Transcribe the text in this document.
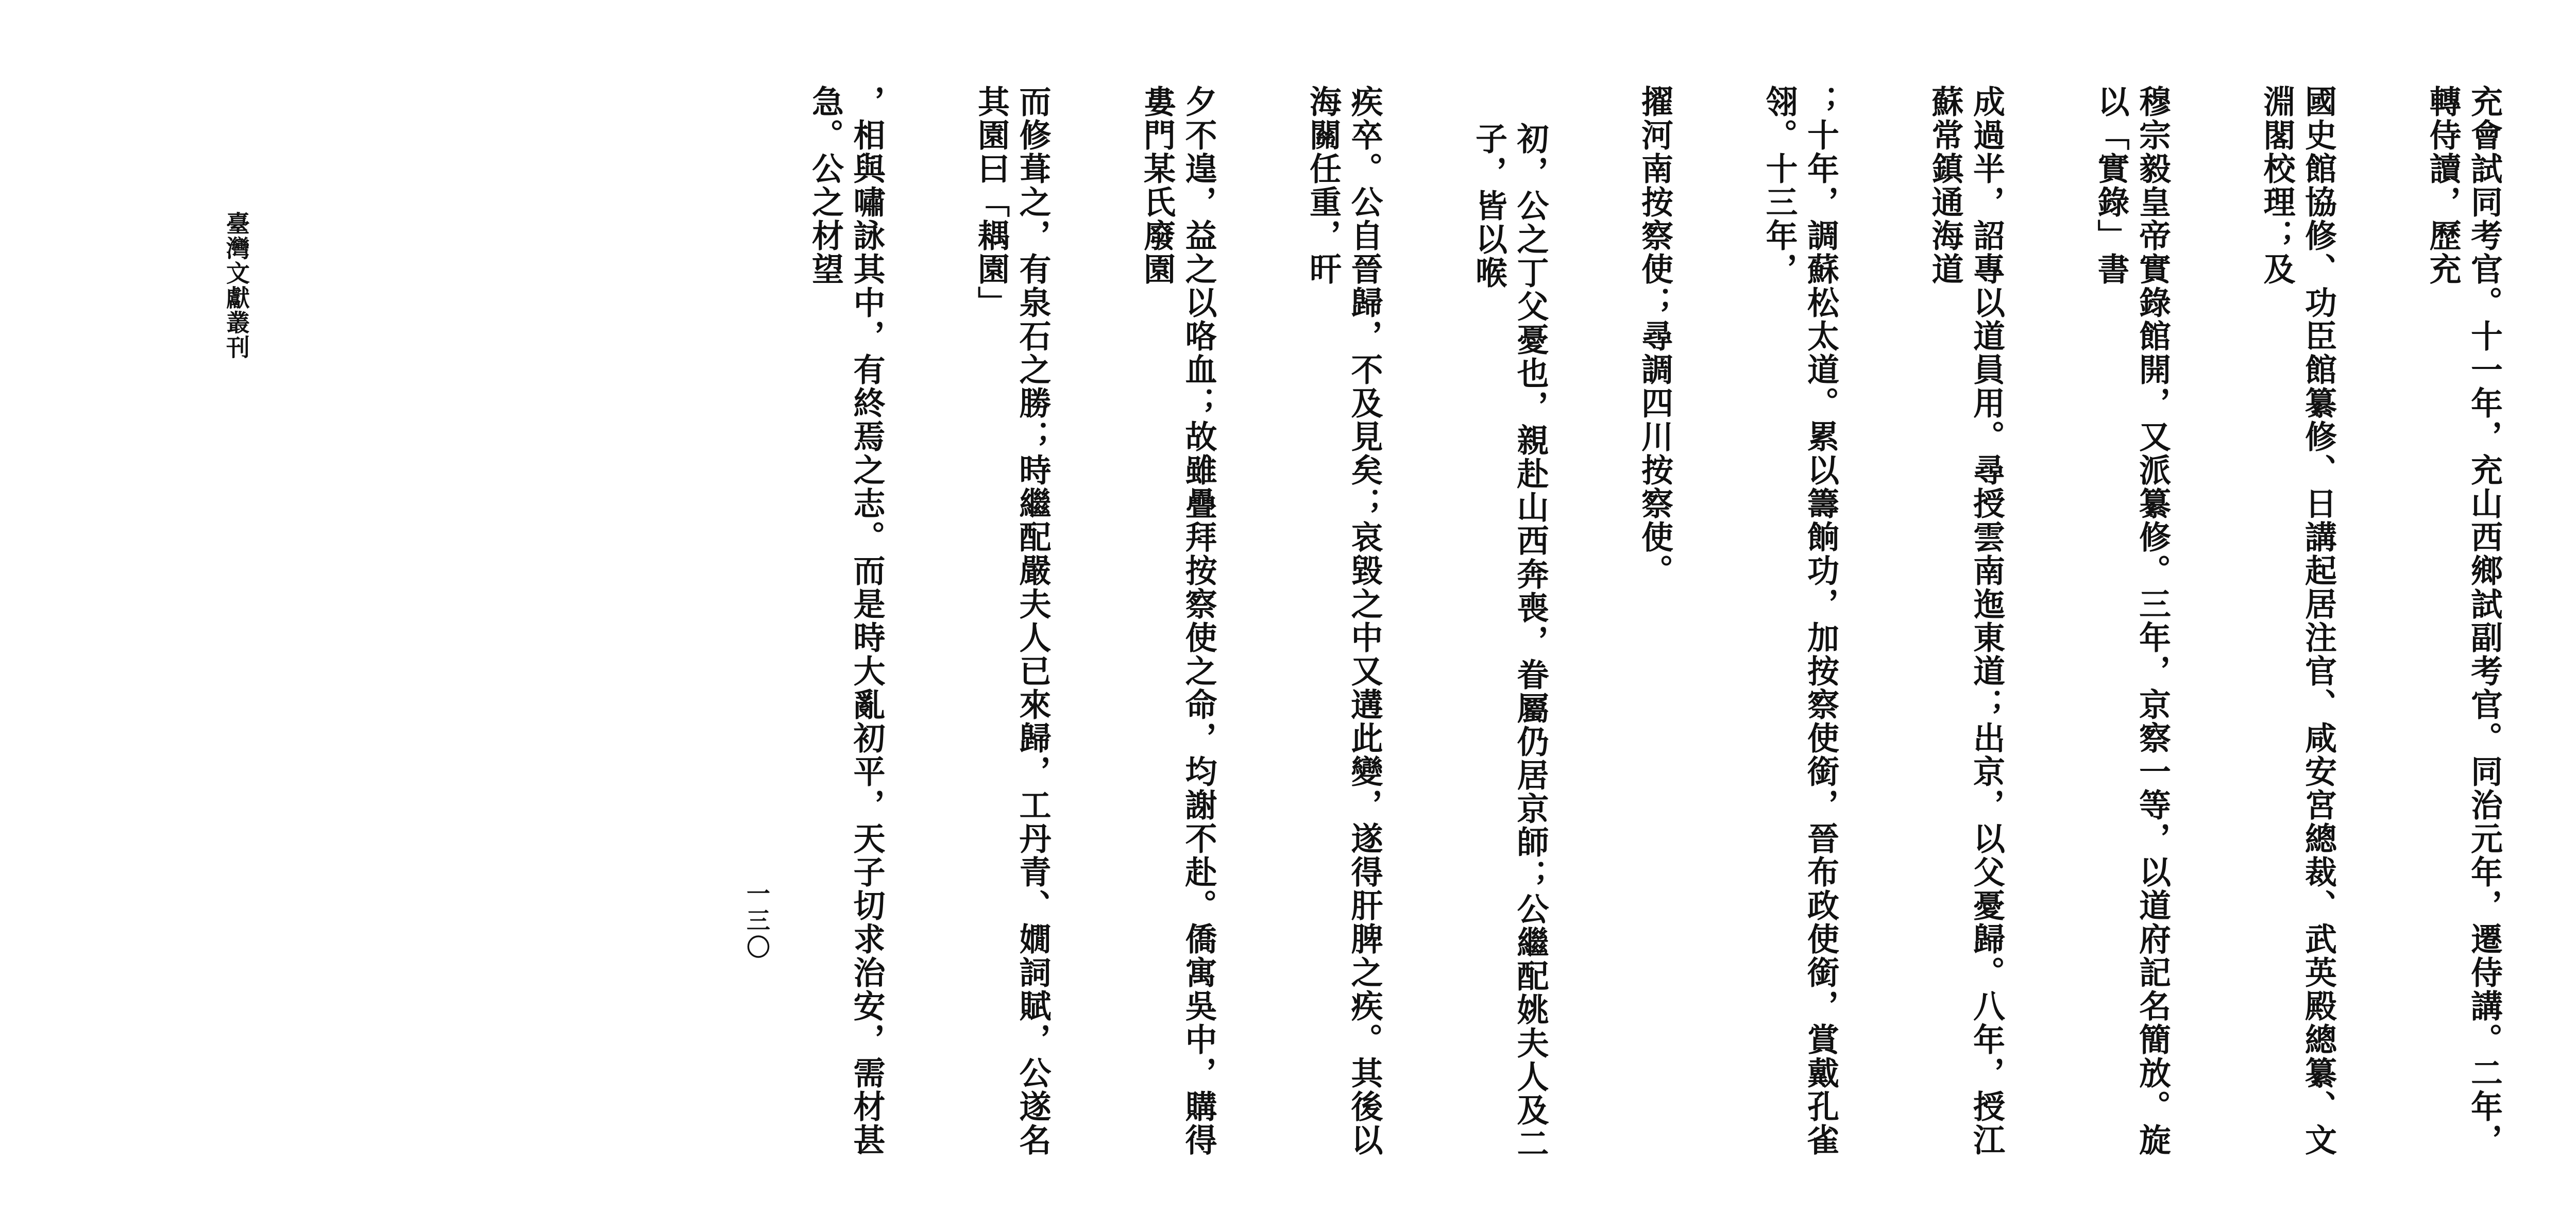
臺灣文獻叢刊
一三〇

	充會試同考官。十一年，充山西鄉試副考官。同治元年，遷侍講。二年，轉侍讀，歷充

國史館協修、功臣館纂修、日講起居注官、咸安宮總裁、武英殿總纂、文淵閣校理；及

穆宗毅皇帝實錄館開，又派纂修。三年，京察一等，以道府記名簡放。旋以「實錄」書

成過半，詔專以道員用。尋授雲南迤東道；出京，以父憂歸。八年，授江蘇常鎮通海道

；十年，調蘇松太道。累以籌餉功，加按察使銜，晉布政使銜，賞戴孔雀翎。十三年，

擢河南按察使；尋調四川按察使。

初，公之丁父憂也，親赴山西奔喪，眷屬仍居京師；公繼配姚夫人及二子，皆以喉

疾卒。公自晉歸，不及見矣；哀毀之中又遘此變，遂得肝脾之疾。其後以海關任重，旰

夕不遑，益之以咯血；故雖疊拜按察使之命，均謝不赴。僑寓吳中，購得婁門某氏廢園

而修葺之，有泉石之勝；時繼配嚴夫人已來歸，工丹青、嫺詞賦，公遂名其園曰「耦園」

，相與嘯詠其中，有終焉之志。而是時大亂初平，天子切求治安，需材甚急。公之材望
